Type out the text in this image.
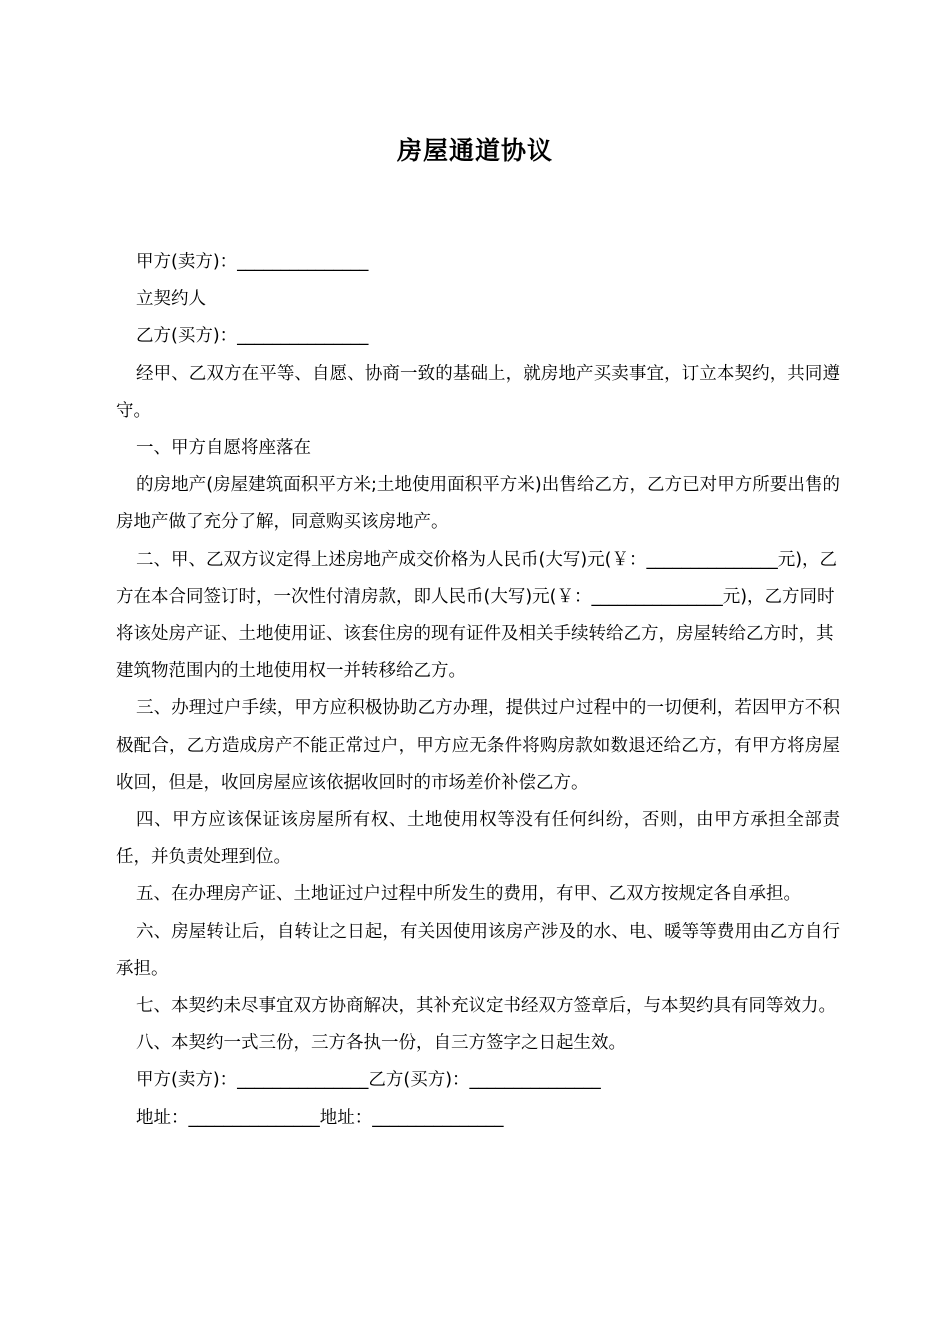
房屋通道协议

甲方(卖方)：_______________

立契约人

乙方(买方)：_______________

经甲、乙双方在平等、自愿、协商一致的基础上，就房地产买卖事宜，订立本契约，共同遵守。

一、甲方自愿将座落在

的房地产(房屋建筑面积平方米;土地使用面积平方米)出售给乙方，乙方已对甲方所要出售的房地产做了充分了解，同意购买该房地产。

二、甲、乙双方议定得上述房地产成交价格为人民币(大写)元(￥：_______________元)，乙方在本合同签订时，一次性付清房款，即人民币(大写)元(￥：_______________元)，乙方同时将该处房产证、土地使用证、该套住房的现有证件及相关手续转给乙方，房屋转给乙方时，其建筑物范围内的土地使用权一并转移给乙方。

三、办理过户手续，甲方应积极协助乙方办理，提供过户过程中的一切便利，若因甲方不积极配合，乙方造成房产不能正常过户，甲方应无条件将购房款如数退还给乙方，有甲方将房屋收回，但是，收回房屋应该依据收回时的市场差价补偿乙方。

四、甲方应该保证该房屋所有权、土地使用权等没有任何纠纷，否则，由甲方承担全部责任，并负责处理到位。

五、在办理房产证、土地证过户过程中所发生的费用，有甲、乙双方按规定各自承担。

六、房屋转让后，自转让之日起，有关因使用该房产涉及的水、电、暖等等费用由乙方自行承担。

七、本契约未尽事宜双方协商解决，其补充议定书经双方签章后，与本契约具有同等效力。

八、本契约一式三份，三方各执一份，自三方签字之日起生效。

甲方(卖方)：_______________乙方(买方)：_______________

地址：_______________地址：_______________
